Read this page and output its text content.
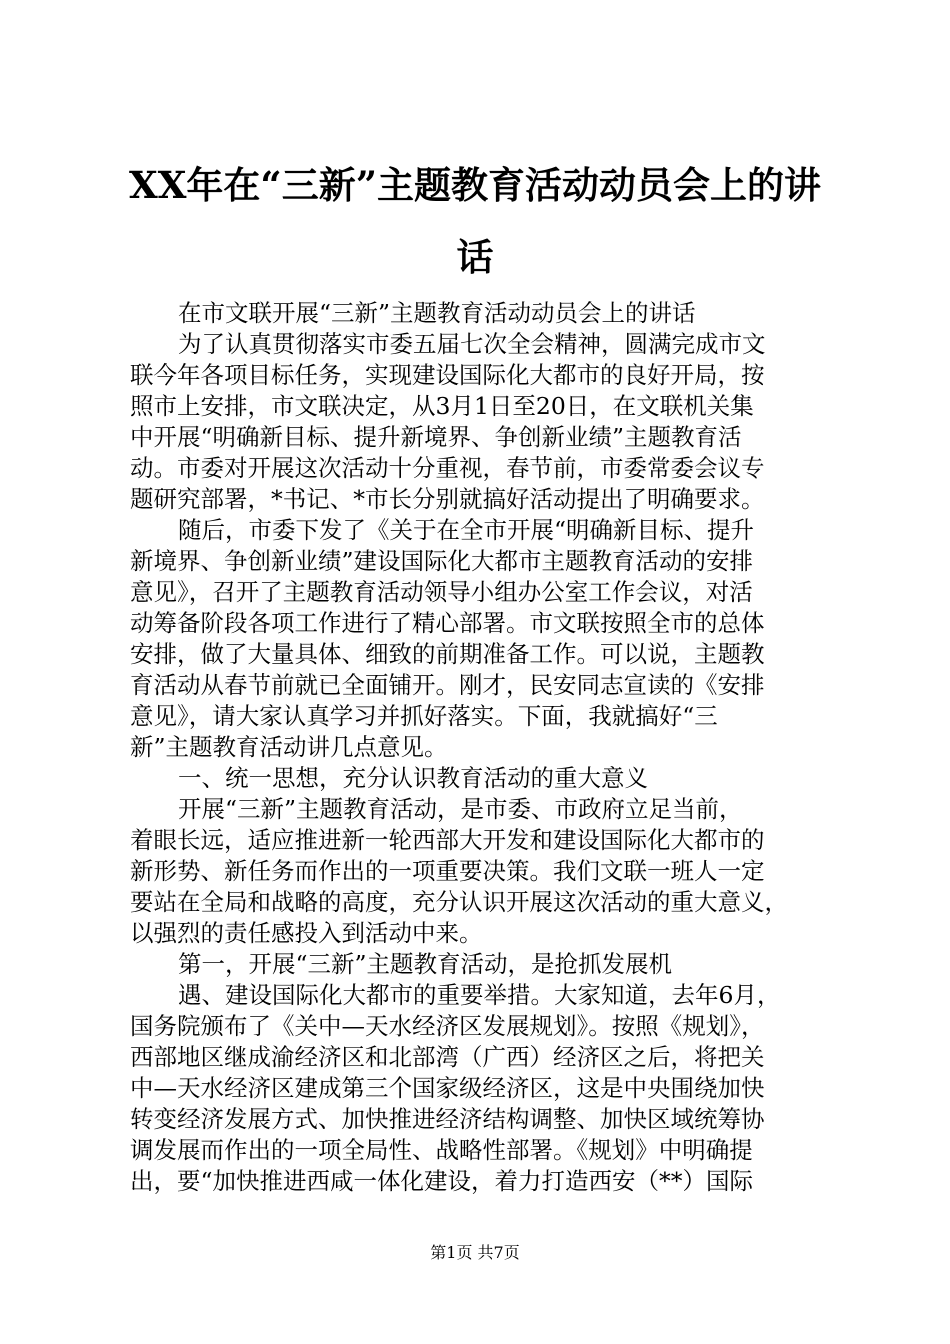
XX年在“三新”主题教育活动动员会上的讲
话
在市文联开展“三新”主题教育活动动员会上的讲话
为了认真贯彻落实市委五届七次全会精神，圆满完成市文
联今年各项目标任务，实现建设国际化大都市的良好开局，按
照市上安排，市文联决定，从3月1日至20日，在文联机关集
中开展“明确新目标、提升新境界、争创新业绩”主题教育活
动。市委对开展这次活动十分重视，春节前，市委常委会议专
题研究部署，*书记、*市长分别就搞好活动提出了明确要求。
随后，市委下发了《关于在全市开展“明确新目标、提升
新境界、争创新业绩”建设国际化大都市主题教育活动的安排
意见》，召开了主题教育活动领导小组办公室工作会议，对活
动筹备阶段各项工作进行了精心部署。市文联按照全市的总体
安排，做了大量具体、细致的前期准备工作。可以说，主题教
育活动从春节前就已全面铺开。刚才，民安同志宣读的《安排
意见》，请大家认真学习并抓好落实。下面，我就搞好“三
新”主题教育活动讲几点意见。
一、统一思想，充分认识教育活动的重大意义
开展“三新”主题教育活动，是市委、市政府立足当前，
着眼长远，适应推进新一轮西部大开发和建设国际化大都市的
新形势、新任务而作出的一项重要决策。我们文联一班人一定
要站在全局和战略的高度，充分认识开展这次活动的重大意义，
以强烈的责任感投入到活动中来。
第一，开展“三新”主题教育活动，是抢抓发展机
遇、建设国际化大都市的重要举措。大家知道，去年6月，
国务院颁布了《关中—天水经济区发展规划》。按照《规划》，
西部地区继成渝经济区和北部湾（广西）经济区之后，将把关
中—天水经济区建成第三个国家级经济区，这是中央围绕加快
转变经济发展方式、加快推进经济结构调整、加快区域统筹协
调发展而作出的一项全局性、战略性部署。《规划》中明确提
出，要“加快推进西咸一体化建设，着力打造西安（**）国际
第1页 共7页
